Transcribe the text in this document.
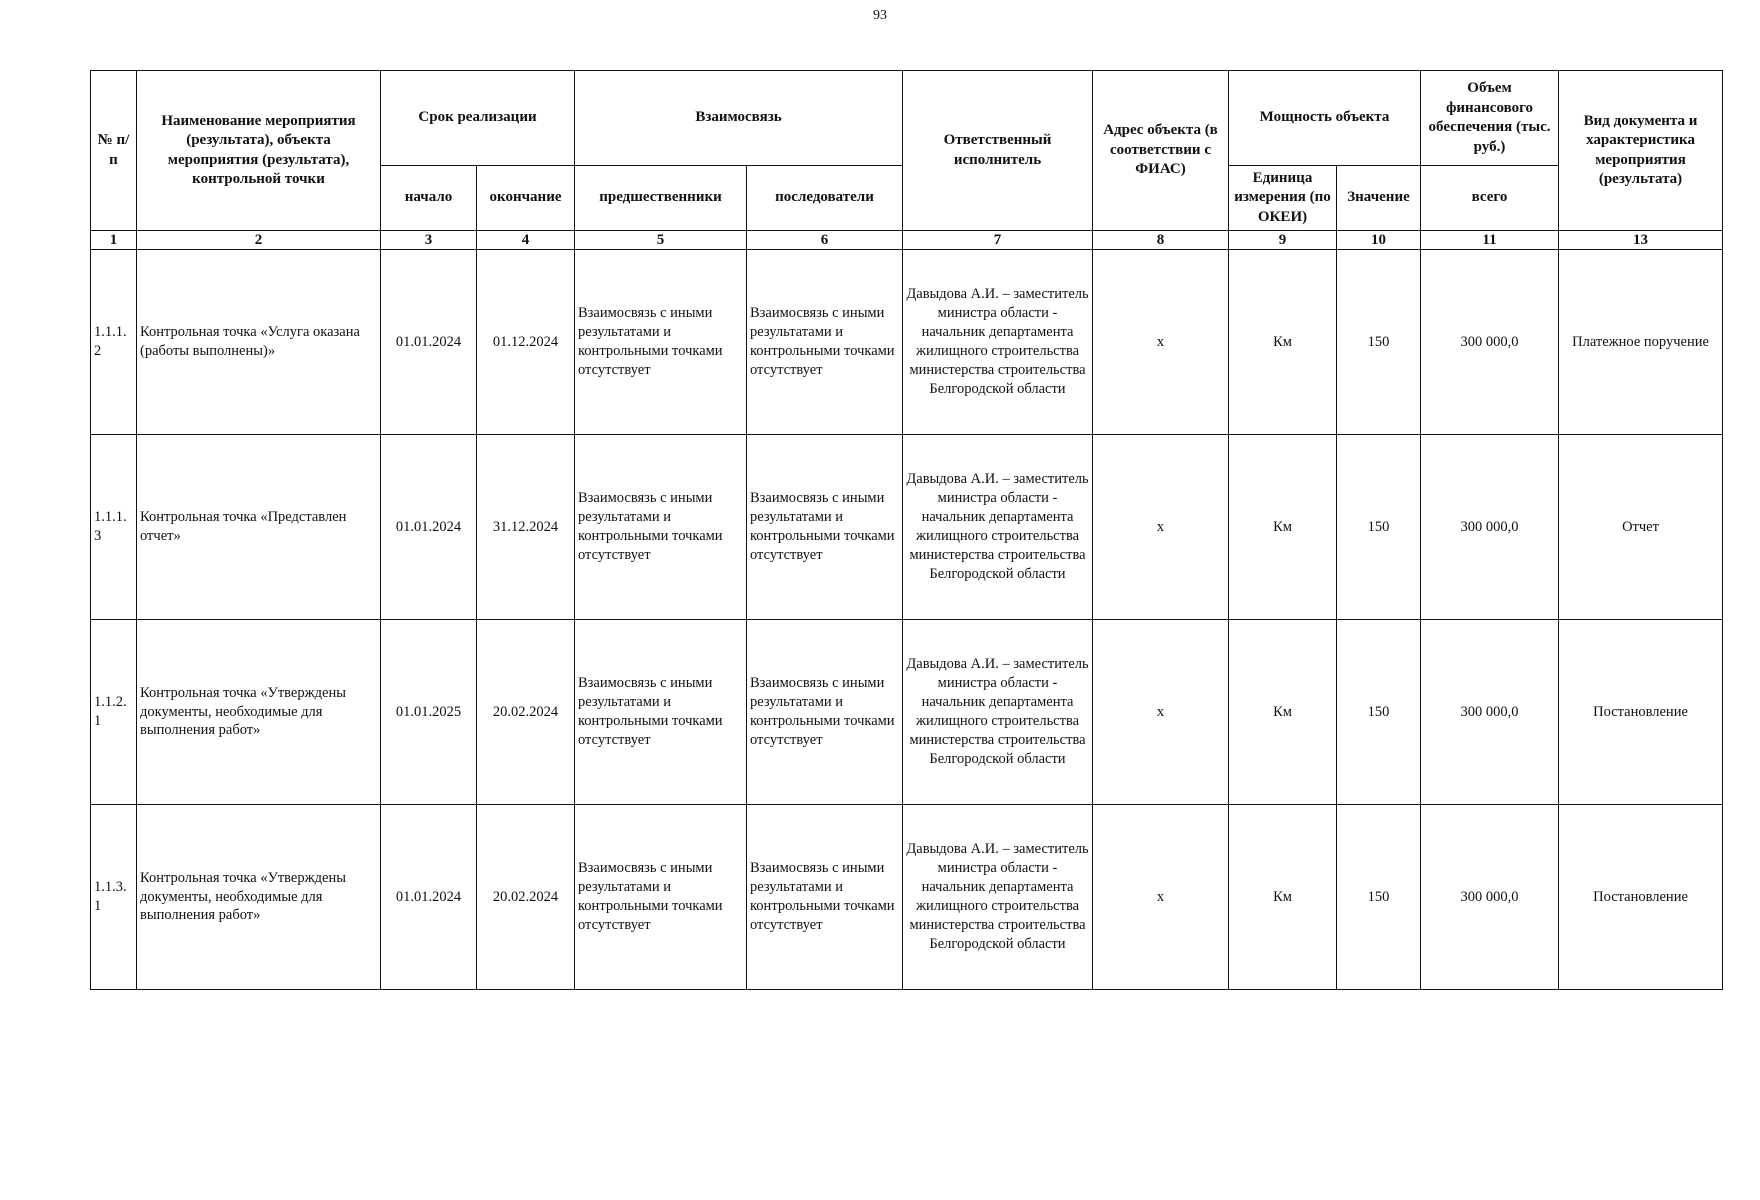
93
№ п/п	Наименование мероприятия (результата), объекта мероприятия (результата), контрольной точки	Срок реализации		Взаимосвязь		Ответственный исполнитель	Адрес объекта (в соответствии с ФИАС)	Мощность объекта		Объем финансового обеспечения (тыс. руб.)	Вид документа и характеристика мероприятия (результата)
		начало	окончание	предшественники	последователи			Единица измерения (по ОКЕИ)	Значение	всего	
1	2	3	4	5	6	7	8	9	10	11	13
1.1.1.2	Контрольная точка «Услуга оказана (работы выполнены)»	01.01.2024	01.12.2024	Взаимосвязь с иными результатами и контрольными точками отсутствует	Взаимосвязь с иными результатами и контрольными точками отсутствует	Давыдова А.И. – заместитель министра области - начальник департамента жилищного строительства министерства строительства Белгородской области	х	Км	150	300 000,0	Платежное поручение
1.1.1.3	Контрольная точка «Представлен отчет»	01.01.2024	31.12.2024	Взаимосвязь с иными результатами и контрольными точками отсутствует	Взаимосвязь с иными результатами и контрольными точками отсутствует	Давыдова А.И. – заместитель министра области - начальник департамента жилищного строительства министерства строительства Белгородской области	х	Км	150	300 000,0	Отчет
1.1.2.1	Контрольная точка «Утверждены документы, необходимые для выполнения работ»	01.01.2025	20.02.2024	Взаимосвязь с иными результатами и контрольными точками отсутствует	Взаимосвязь с иными результатами и контрольными точками отсутствует	Давыдова А.И. – заместитель министра области - начальник департамента жилищного строительства министерства строительства Белгородской области	х	Км	150	300 000,0	Постановление
1.1.3.1	Контрольная точка «Утверждены документы, необходимые для выполнения работ»	01.01.2024	20.02.2024	Взаимосвязь с иными результатами и контрольными точками отсутствует	Взаимосвязь с иными результатами и контрольными точками отсутствует	Давыдова А.И. – заместитель министра области - начальник департамента жилищного строительства министерства строительства Белгородской области	х	Км	150	300 000,0	Постановление
